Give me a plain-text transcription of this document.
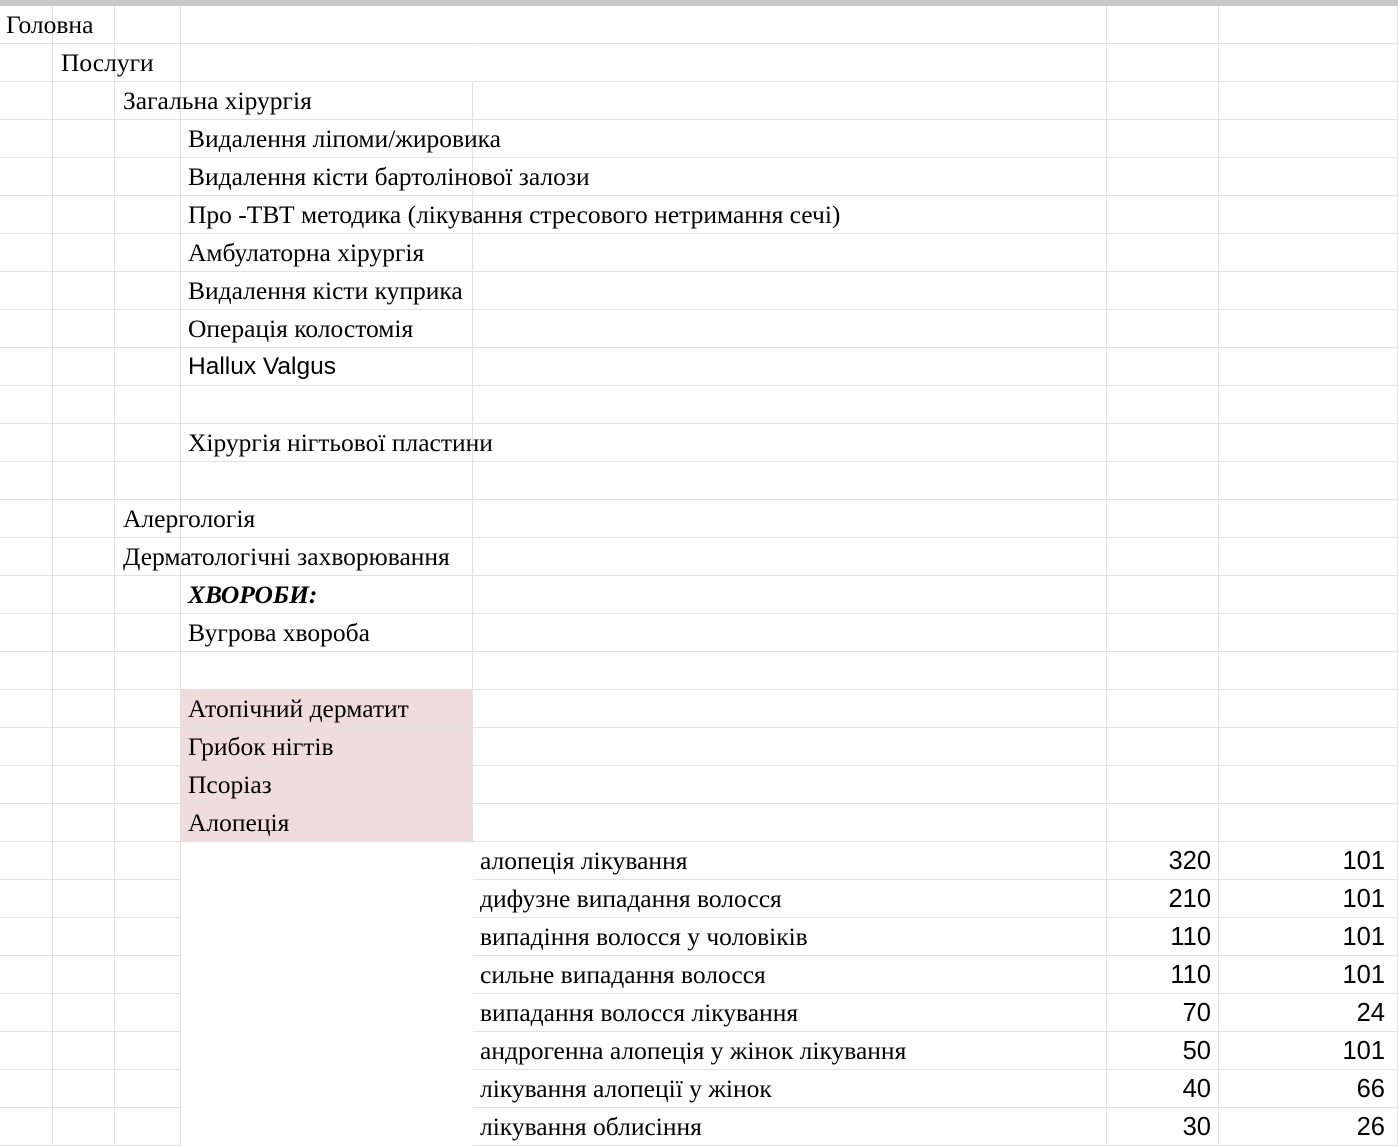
Головна
Послуги
Загальна хірургія
Видалення ліпоми/жировика
Видалення кісти бартолінової залози
Про -ТВТ методика (лікування стресового нетримання сечі)
Амбулаторна хірургія
Видалення кісти куприка
Операція колостомія
Hallux Valgus
Хірургія нігтьової пластини
Алергологія
Дерматологічні захворювання
ХВОРОБИ:
Вугрова хвороба
Атопічний дерматит
Грибок нігтів
Псоріаз
Алопеція
алопеція лікування	320	101
дифузне випадання волосся	210	101
випадіння волосся у чоловіків	110	101
сильне випадання волосся	110	101
випадання волосся лікування	70	24
андрогенна алопеція у жінок лікування	50	101
лікування алопеції у жінок	40	66
лікування облисіння	30	26
